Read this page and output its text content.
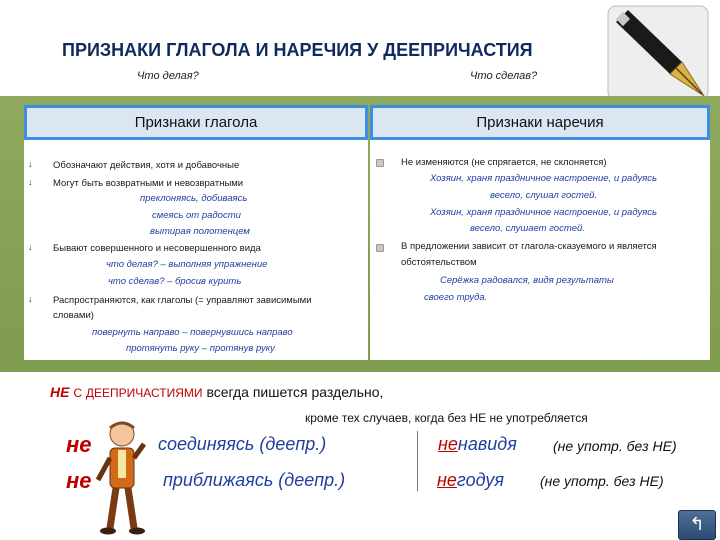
ПРИЗНАКИ ГЛАГОЛА И НАРЕЧИЯ У ДЕЕПРИЧАСТИЯ
Что делая?	Что сделав?
Признаки глагола	Признаки наречия
↓ Обозначают действия, хотя и добавочные
↓ Могут быть возвратными и невозвратными
преклоняясь, добиваясь
смеясь от радости
вытирая полотенцем
↓ Бывают совершенного и несовершенного вида
что делая? – выполняя упражнение
что сделав? – бросив курить
↓ Распространяются, как глаголы (= управляют зависимыми
словами)
повернуть направо – повернувшись направо
протянуть руку – протянув руку
Не изменяются (не спрягается, не склоняется)
Хозяин, храня праздничное настроение, и радуясь
весело, слушал гостей.
Хозяин, храня праздничное настроение, и радуясь
весело, слушает гостей.
В предложении зависит от глагола-сказуемого и является
обстоятельством
Серёжка радовался, видя результаты
своего труда.
НЕ С ДЕЕПРИЧАСТИЯМИ всегда пишется раздельно,
кроме тех случаев, когда без НЕ не употребляется
не	соединяясь (деепр.)	ненавидя	(не употр. без НЕ)
не	приближаясь (деепр.)	негодуя	(не употр. без НЕ)
↰
